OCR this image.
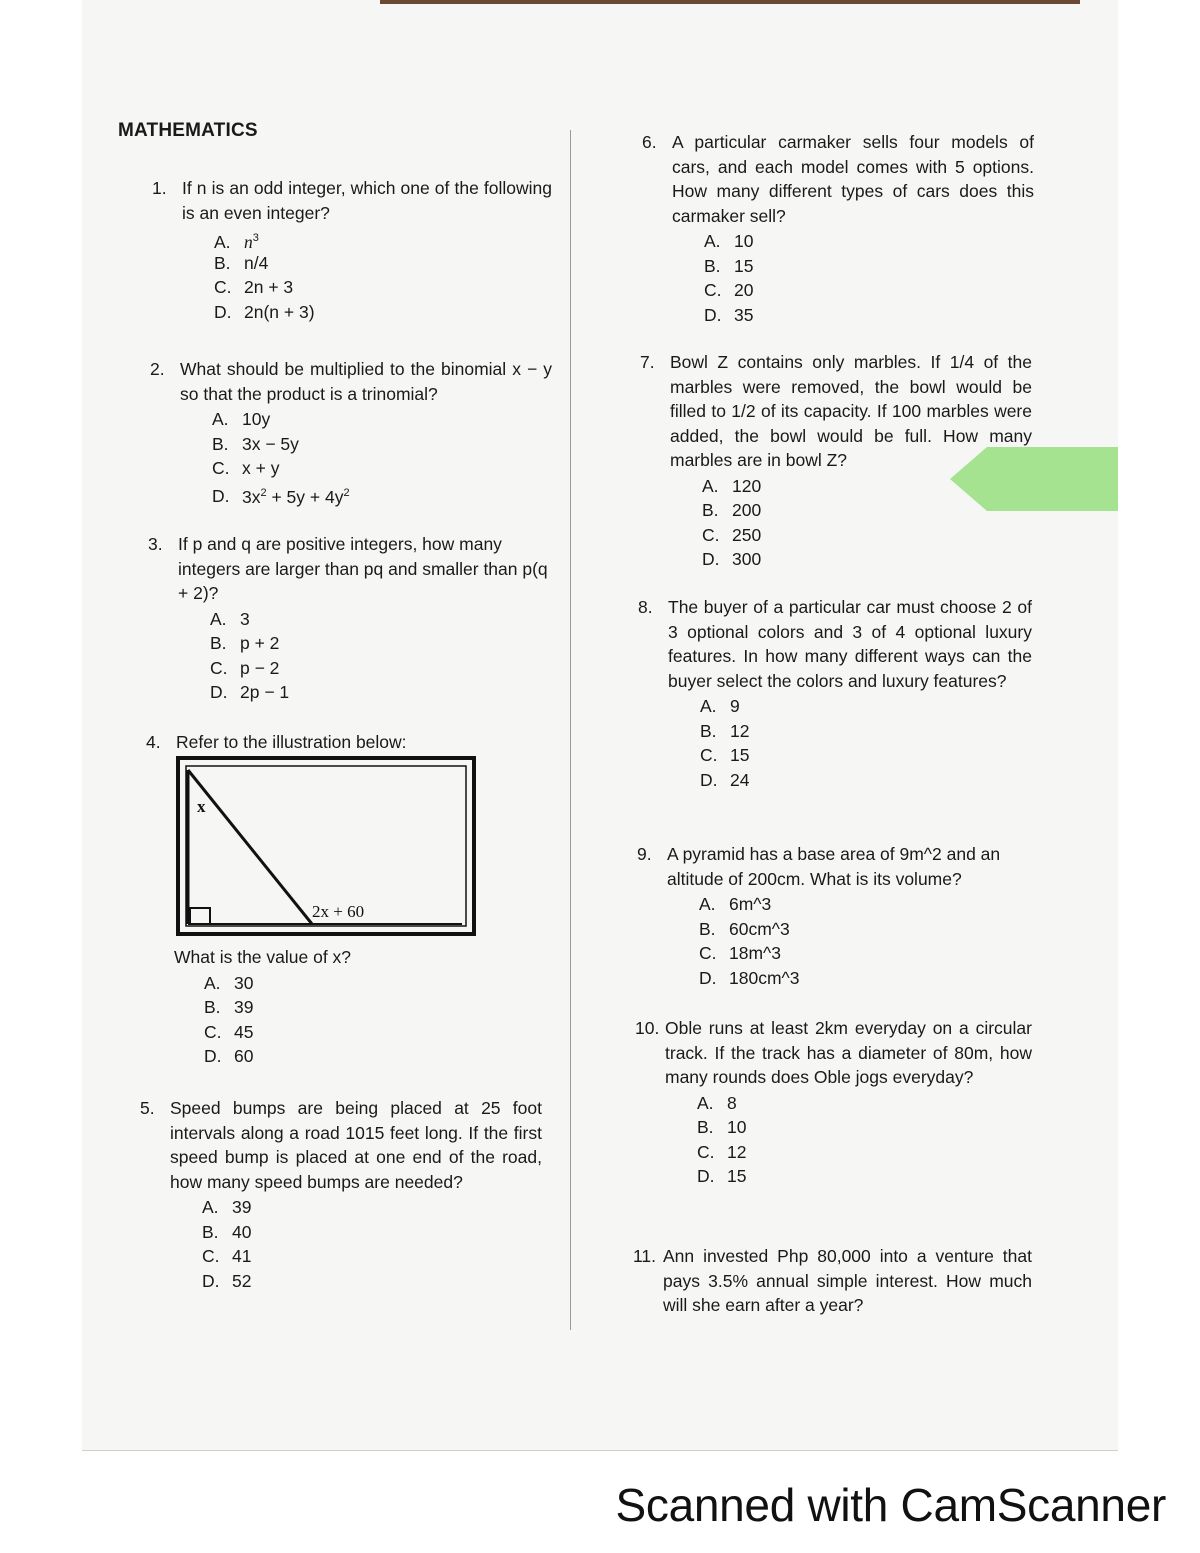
MATHEMATICS
1. If n is an odd integer, which one of the following is an even integer?
A. $n^3$
B. n/4
C. 2n + 3
D. 2n(n + 3)
2. What should be multiplied to the binomial x − y so that the product is a trinomial?
A. 10y
B. 3x − 5y
C. x + y
D. $3x^2 + 5y + 4y^2$
3. If p and q are positive integers, how many integers are larger than pq and smaller than p(q + 2)?
A. 3
B. p + 2
C. p − 2
D. 2p − 1
4. Refer to the illustration below:
x
2x + 60
What is the value of x?
A. 30
B. 39
C. 45
D. 60
5. Speed bumps are being placed at 25 foot intervals along a road 1015 feet long. If the first speed bump is placed at one end of the road, how many speed bumps are needed?
A. 39
B. 40
C. 41
D. 52
6. A particular carmaker sells four models of cars, and each model comes with 5 options. How many different types of cars does this carmaker sell?
A. 10
B. 15
C. 20
D. 35
7. Bowl Z contains only marbles. If 1/4 of the marbles were removed, the bowl would be filled to 1/2 of its capacity. If 100 marbles were added, the bowl would be full. How many marbles are in bowl Z?
A. 120
B. 200
C. 250
D. 300
8. The buyer of a particular car must choose 2 of 3 optional colors and 3 of 4 optional luxury features. In how many different ways can the buyer select the colors and luxury features?
A. 9
B. 12
C. 15
D. 24
9. A pyramid has a base area of 9m^2 and an altitude of 200cm. What is its volume?
A. 6m^3
B. 60cm^3
C. 18m^3
D. 180cm^3
10. Oble runs at least 2km everyday on a circular track. If the track has a diameter of 80m, how many rounds does Oble jogs everyday?
A. 8
B. 10
C. 12
D. 15
11. Ann invested Php 80,000 into a venture that pays 3.5% annual simple interest. How much will she earn after a year?
Scanned with CamScanner
